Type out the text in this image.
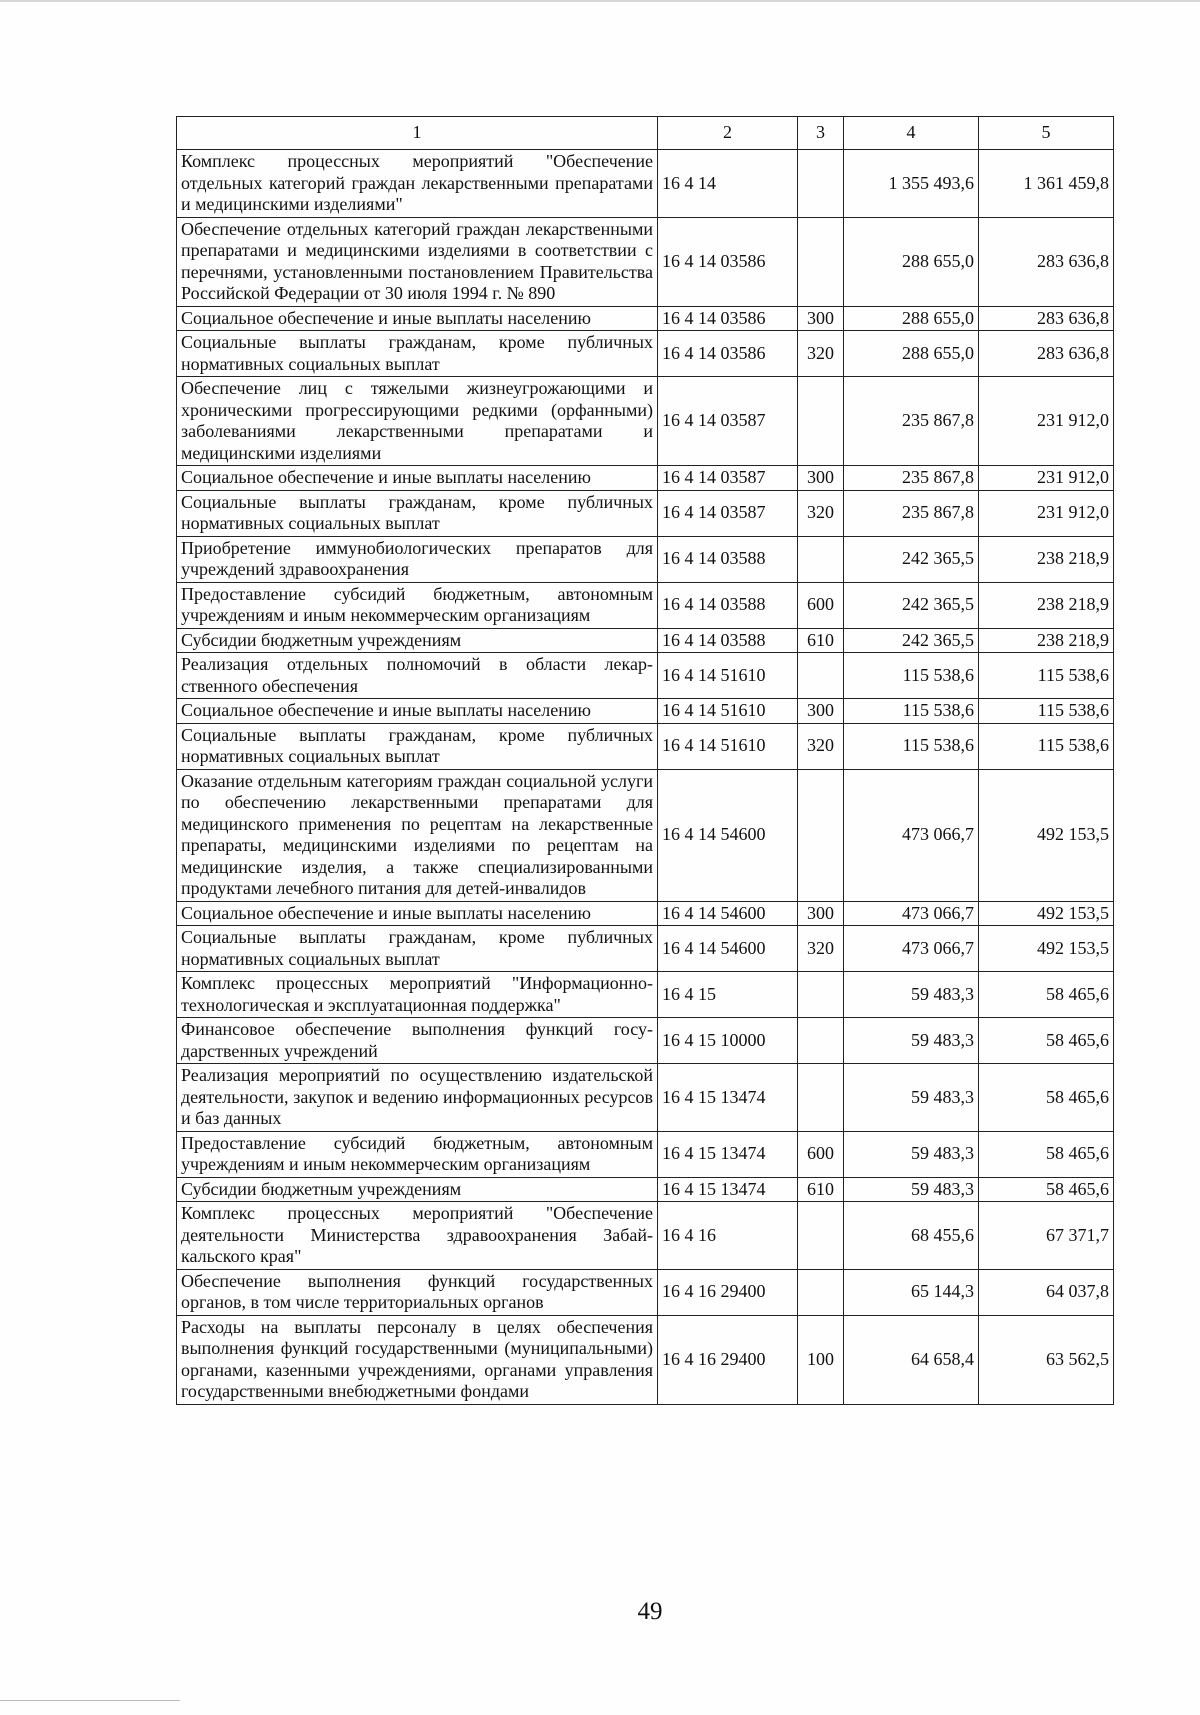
1	2	3	4	5
Комплекс процессных мероприятий "Обеспечение отдельных категорий граждан лекарственными препаратами и медицинскими изделиями"	16 4 14		1 355 493,6	1 361 459,8
Обеспечение отдельных категорий граждан лекарственными препаратами и медицинскими изделиями в соответствии с перечнями, установленными постановлением Правительства Российской Федерации от 30 июля 1994 г. № 890	16 4 14 03586		288 655,0	283 636,8
Социальное обеспечение и иные выплаты населению	16 4 14 03586	300	288 655,0	283 636,8
Социальные выплаты гражданам, кроме публичных нормативных социальных выплат	16 4 14 03586	320	288 655,0	283 636,8
Обеспечение лиц с тяжелыми жизнеугрожающими и хроническими прогрессирующими редкими (орфанными) заболеваниями лекарственными препаратами и медицинскими изделиями	16 4 14 03587		235 867,8	231 912,0
Социальное обеспечение и иные выплаты населению	16 4 14 03587	300	235 867,8	231 912,0
Социальные выплаты гражданам, кроме публичных нормативных социальных выплат	16 4 14 03587	320	235 867,8	231 912,0
Приобретение иммунобиологических препаратов для учреждений здравоохранения	16 4 14 03588		242 365,5	238 218,9
Предоставление субсидий бюджетным, автономным учреждениям и иным некоммерческим организациям	16 4 14 03588	600	242 365,5	238 218,9
Субсидии бюджетным учреждениям	16 4 14 03588	610	242 365,5	238 218,9
Реализация отдельных полномочий в области лекарственного обеспечения	16 4 14 51610		115 538,6	115 538,6
Социальное обеспечение и иные выплаты населению	16 4 14 51610	300	115 538,6	115 538,6
Социальные выплаты гражданам, кроме публичных нормативных социальных выплат	16 4 14 51610	320	115 538,6	115 538,6
Оказание отдельным категориям граждан социальной услуги по обеспечению лекарственными препаратами для медицинского применения по рецептам на лекарственные препараты, медицинскими изделиями по рецептам на медицинские изделия, а также специализированными продуктами лечебного питания для детей-инвалидов	16 4 14 54600		473 066,7	492 153,5
Социальное обеспечение и иные выплаты населению	16 4 14 54600	300	473 066,7	492 153,5
Социальные выплаты гражданам, кроме публичных нормативных социальных выплат	16 4 14 54600	320	473 066,7	492 153,5
Комплекс процессных мероприятий "Информационно-технологическая и эксплуатационная поддержка"	16 4 15		59 483,3	58 465,6
Финансовое обеспечение выполнения функций государственных учреждений	16 4 15 10000		59 483,3	58 465,6
Реализация мероприятий по осуществлению издательской деятельности, закупок и ведению информационных ресурсов и баз данных	16 4 15 13474		59 483,3	58 465,6
Предоставление субсидий бюджетным, автономным учреждениям и иным некоммерческим организациям	16 4 15 13474	600	59 483,3	58 465,6
Субсидии бюджетным учреждениям	16 4 15 13474	610	59 483,3	58 465,6
Комплекс процессных мероприятий "Обеспечение деятельности Министерства здравоохранения Забайкальского края"	16 4 16		68 455,6	67 371,7
Обеспечение выполнения функций государственных органов, в том числе территориальных органов	16 4 16 29400		65 144,3	64 037,8
Расходы на выплаты персоналу в целях обеспечения выполнения функций государственными (муниципальными) органами, казенными учреждениями, органами управления государственными внебюджетными фондами	16 4 16 29400	100	64 658,4	63 562,5
49
